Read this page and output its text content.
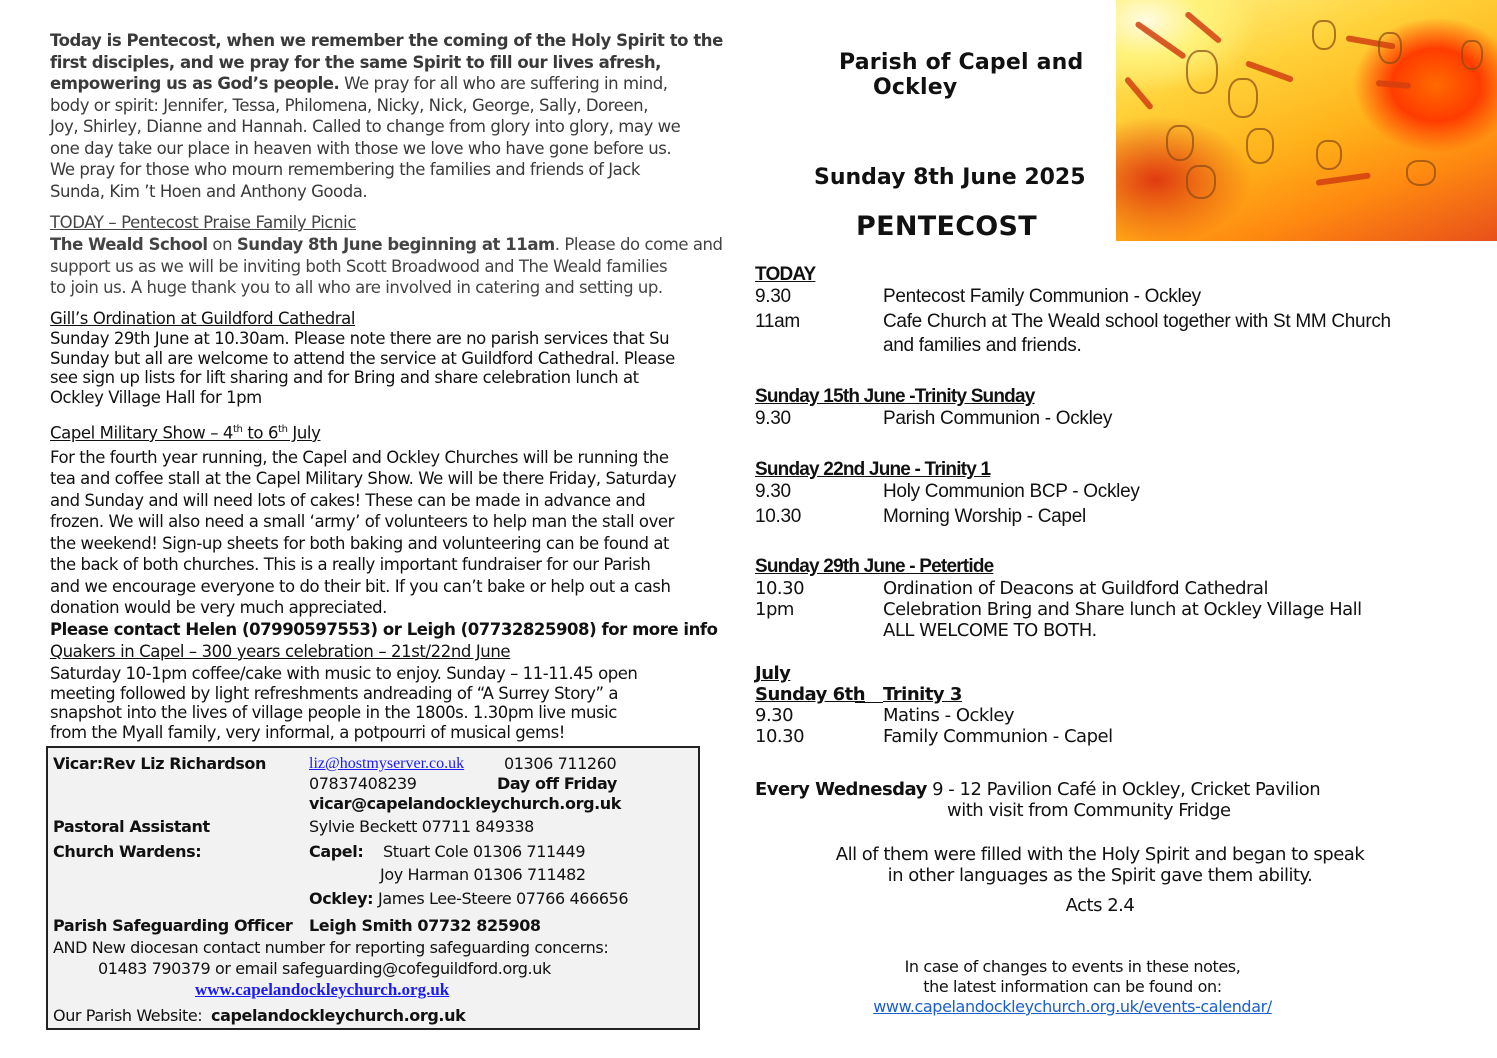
Today is Pentecost, when we remember the coming of the Holy Spirit to the
first disciples, and we pray for the same Spirit to fill our lives afresh,
empowering us as God’s people. We pray for all who are suffering in mind,
body or spirit: Jennifer, Tessa, Philomena, Nicky, Nick, George, Sally, Doreen,
Joy, Shirley, Dianne and Hannah. Called to change from glory into glory, may we
one day take our place in heaven with those we love who have gone before us.
We pray for those who mourn remembering the families and friends of Jack
Sunda, Kim ’t Hoen and Anthony Gooda.
TODAY – Pentecost Praise Family Picnic
The Weald School on Sunday 8th June beginning at 11am. Please do come and
support us as we will be inviting both Scott Broadwood and The Weald families
to join us. A huge thank you to all who are involved in catering and setting up.
Gill’s Ordination at Guildford Cathedral
Sunday 29th June at 10.30am. Please note there are no parish services that Su
Sunday but all are welcome to attend the service at Guildford Cathedral. Please
see sign up lists for lift sharing and for Bring and share celebration lunch at
Ockley Village Hall for 1pm
Capel Military Show – 4th to 6th July
For the fourth year running, the Capel and Ockley Churches will be running the
tea and coffee stall at the Capel Military Show. We will be there Friday, Saturday
and Sunday and will need lots of cakes! These can be made in advance and
frozen. We will also need a small ‘army’ of volunteers to help man the stall over
the weekend! Sign-up sheets for both baking and volunteering can be found at
the back of both churches. This is a really important fundraiser for our Parish
and we encourage everyone to do their bit. If you can’t bake or help out a cash
donation would be very much appreciated.
Please contact Helen (07990597553) or Leigh (07732825908) for more info
Quakers in Capel – 300 years celebration – 21st/22nd June
Saturday 10-1pm coffee/cake with music to enjoy. Sunday – 11-11.45 open
meeting followed by light refreshments andreading of “A Surrey Story” a
snapshot into the lives of village people in the 1800s. 1.30pm live music
from the Myall family, very informal, a potpourri of musical gems!
Vicar:Rev Liz Richardson	liz@hostmyserver.co.uk 01306 711260
07837408239	Day off Friday
vicar@capelandockleychurch.org.uk
Pastoral Assistant	Sylvie Beckett 07711 849338
Church Wardens:	Capel: Stuart Cole 01306 711449
Joy Harman 01306 711482
Ockley: James Lee-Steere 07766 466656
Parish Safeguarding Officer Leigh Smith 07732 825908
AND New diocesan contact number for reporting safeguarding concerns:
01483 790379 or email safeguarding@cofeguildford.org.uk
www.capelandockleychurch.org.uk
Our Parish Website: capelandockleychurch.org.uk
Parish of Capel and
Ockley
Sunday 8th June 2025
PENTECOST
TODAY
9.30	Pentecost Family Communion - Ockley
11am	Cafe Church at The Weald school together with St MM Church
and families and friends.
Sunday 15th June -Trinity Sunday
9.30	Parish Communion - Ockley
Sunday 22nd June - Trinity 1
9.30	Holy Communion BCP - Ockley
10.30	Morning Worship - Capel
Sunday 29th June - Petertide
10.30	Ordination of Deacons at Guildford Cathedral
1pm	Celebration Bring and Share lunch at Ockley Village Hall
ALL WELCOME TO BOTH.
July
Sunday 6th Trinity 3
9.30	Matins - Ockley
10.30	Family Communion - Capel
Every Wednesday 9 - 12 Pavilion Café in Ockley, Cricket Pavilion
with visit from Community Fridge
All of them were filled with the Holy Spirit and began to speak
in other languages as the Spirit gave them ability.
Acts 2.4
In case of changes to events in these notes,
the latest information can be found on:
www.capelandockleychurch.org.uk/events-calendar/
